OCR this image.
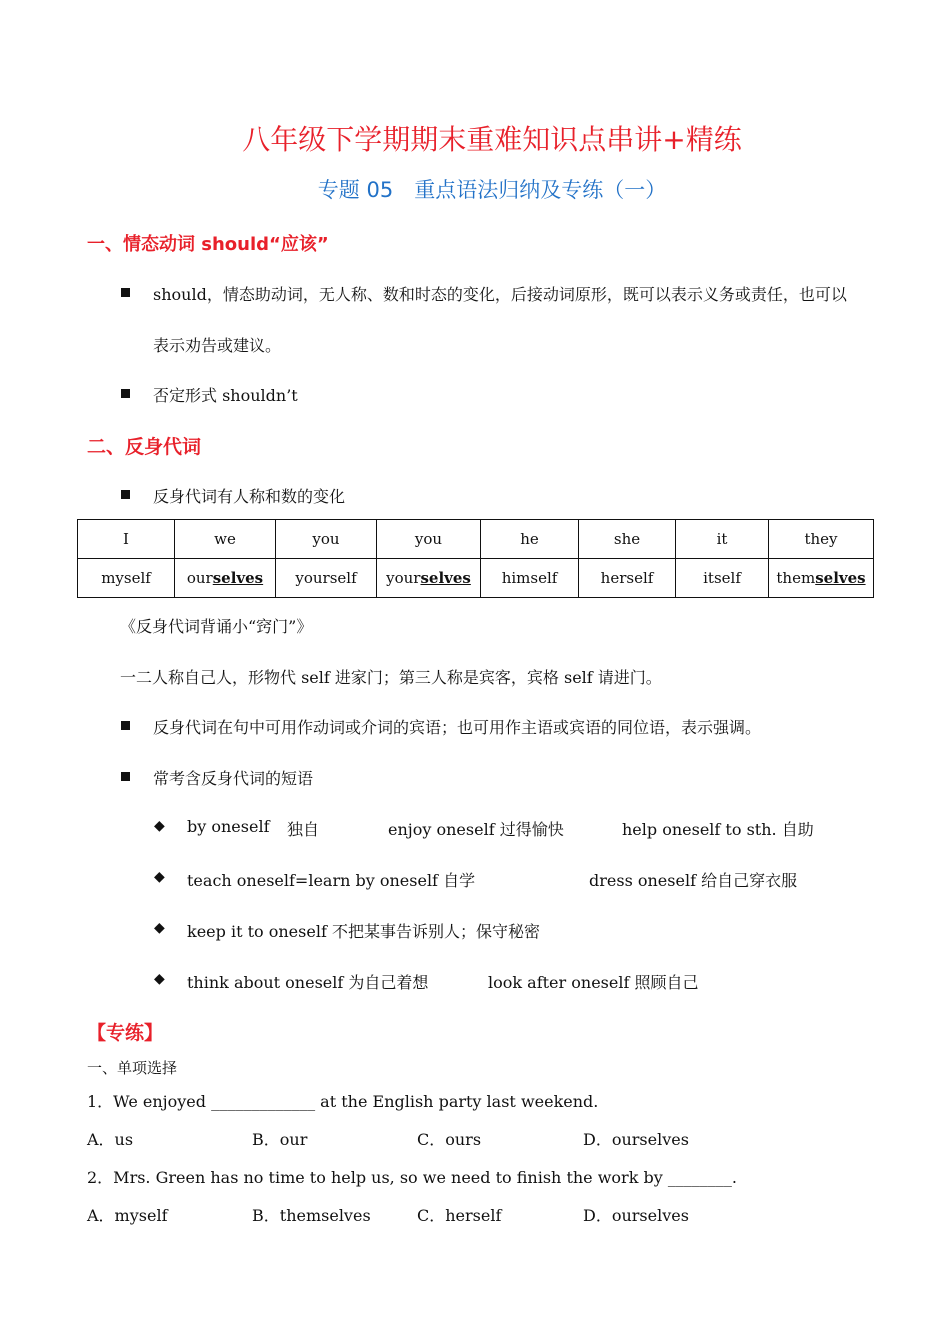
八年级下学期期末重难知识点串讲+精练
专题 05　重点语法归纳及专练（一）
一、情态动词 should“应该”
should，情态助动词，无人称、数和时态的变化，后接动词原形，既可以表示义务或责任，也可以
表示劝告或建议。
否定形式 shouldn’t
二、反身代词
反身代词有人称和数的变化
I	we	you	you	he	she	it	they
myself	ourselves	yourself	yourselves	himself	herself	itself	themselves
《反身代词背诵小“窍门”》
一二人称自己人，形物代 self 进家门；第三人称是宾客，宾格 self 请进门。
反身代词在句中可用作动词或介词的宾语；也可用作主语或宾语的同位语，表示强调。
常考含反身代词的短语
◆ by oneself 独自	enjoy oneself 过得愉快	help oneself to sth. 自助
◆ teach oneself=learn by oneself 自学	dress oneself 给自己穿衣服
◆ keep it to oneself 不把某事告诉别人；保守秘密
◆ think about oneself 为自己着想	look after oneself 照顾自己
【专练】
一、单项选择
1．We enjoyed _____________ at the English party last weekend.
A．us	B．our	C．ours	D．ourselves
2．Mrs. Green has no time to help us, so we need to finish the work by ________.
A．myself	B．themselves	C．herself	D．ourselves
